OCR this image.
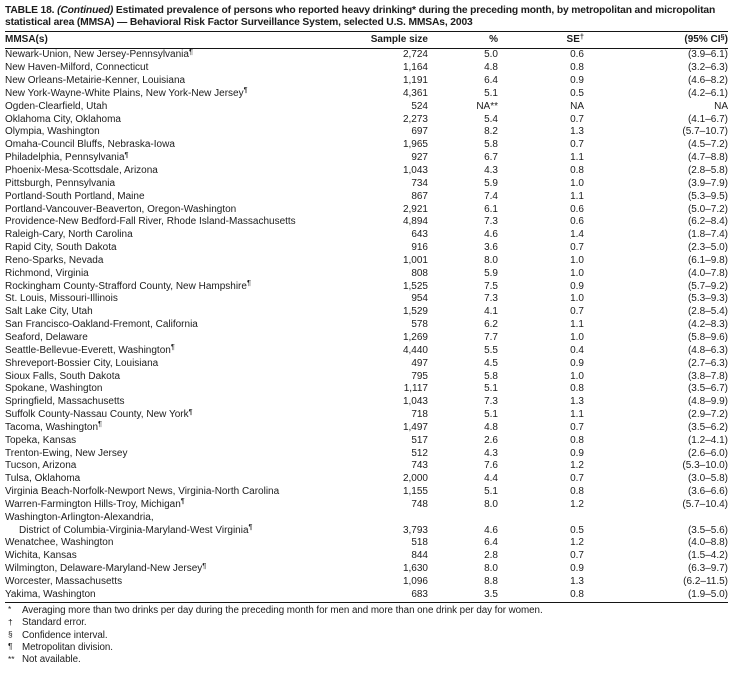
TABLE 18. (Continued) Estimated prevalence of persons who reported heavy drinking* during the preceding month, by metropolitan and micropolitan statistical area (MMSA) — Behavioral Risk Factor Surveillance System, selected U.S. MMSAs, 2003
MMSA(s)	Sample size	%	SE†	(95% CI§)
Newark-Union, New Jersey-Pennsylvania¶	2,724	5.0	0.6	(3.9–6.1)
New Haven-Milford, Connecticut	1,164	4.8	0.8	(3.2–6.3)
New Orleans-Metairie-Kenner, Louisiana	1,191	6.4	0.9	(4.6–8.2)
New York-Wayne-White Plains, New York-New Jersey¶	4,361	5.1	0.5	(4.2–6.1)
Ogden-Clearfield, Utah	524	NA**	NA	NA
Oklahoma City, Oklahoma	2,273	5.4	0.7	(4.1–6.7)
Olympia, Washington	697	8.2	1.3	(5.7–10.7)
Omaha-Council Bluffs, Nebraska-Iowa	1,965	5.8	0.7	(4.5–7.2)
Philadelphia, Pennsylvania¶	927	6.7	1.1	(4.7–8.8)
Phoenix-Mesa-Scottsdale, Arizona	1,043	4.3	0.8	(2.8–5.8)
Pittsburgh, Pennsylvania	734	5.9	1.0	(3.9–7.9)
Portland-South Portland, Maine	867	7.4	1.1	(5.3–9.5)
Portland-Vancouver-Beaverton, Oregon-Washington	2,921	6.1	0.6	(5.0–7.2)
Providence-New Bedford-Fall River, Rhode Island-Massachusetts	4,894	7.3	0.6	(6.2–8.4)
Raleigh-Cary, North Carolina	643	4.6	1.4	(1.8–7.4)
Rapid City, South Dakota	916	3.6	0.7	(2.3–5.0)
Reno-Sparks, Nevada	1,001	8.0	1.0	(6.1–9.8)
Richmond, Virginia	808	5.9	1.0	(4.0–7.8)
Rockingham County-Strafford County, New Hampshire¶	1,525	7.5	0.9	(5.7–9.2)
St. Louis, Missouri-Illinois	954	7.3	1.0	(5.3–9.3)
Salt Lake City, Utah	1,529	4.1	0.7	(2.8–5.4)
San Francisco-Oakland-Fremont, California	578	6.2	1.1	(4.2–8.3)
Seaford, Delaware	1,269	7.7	1.0	(5.8–9.6)
Seattle-Bellevue-Everett, Washington¶	4,440	5.5	0.4	(4.8–6.3)
Shreveport-Bossier City, Louisiana	497	4.5	0.9	(2.7–6.3)
Sioux Falls, South Dakota	795	5.8	1.0	(3.8–7.8)
Spokane, Washington	1,117	5.1	0.8	(3.5–6.7)
Springfield, Massachusetts	1,043	7.3	1.3	(4.8–9.9)
Suffolk County-Nassau County, New York¶	718	5.1	1.1	(2.9–7.2)
Tacoma, Washington¶	1,497	4.8	0.7	(3.5–6.2)
Topeka, Kansas	517	2.6	0.8	(1.2–4.1)
Trenton-Ewing, New Jersey	512	4.3	0.9	(2.6–6.0)
Tucson, Arizona	743	7.6	1.2	(5.3–10.0)
Tulsa, Oklahoma	2,000	4.4	0.7	(3.0–5.8)
Virginia Beach-Norfolk-Newport News, Virginia-North Carolina	1,155	5.1	0.8	(3.6–6.6)
Warren-Farmington Hills-Troy, Michigan¶	748	8.0	1.2	(5.7–10.4)
Washington-Arlington-Alexandria,				
District of Columbia-Virginia-Maryland-West Virginia¶	3,793	4.6	0.5	(3.5–5.6)
Wenatchee, Washington	518	6.4	1.2	(4.0–8.8)
Wichita, Kansas	844	2.8	0.7	(1.5–4.2)
Wilmington, Delaware-Maryland-New Jersey¶	1,630	8.0	0.9	(6.3–9.7)
Worcester, Massachusetts	1,096	8.8	1.3	(6.2–11.5)
Yakima, Washington	683	3.5	0.8	(1.9–5.0)
* Averaging more than two drinks per day during the preceding month for men and more than one drink per day for women.
† Standard error.
§ Confidence interval.
¶ Metropolitan division.
** Not available.
